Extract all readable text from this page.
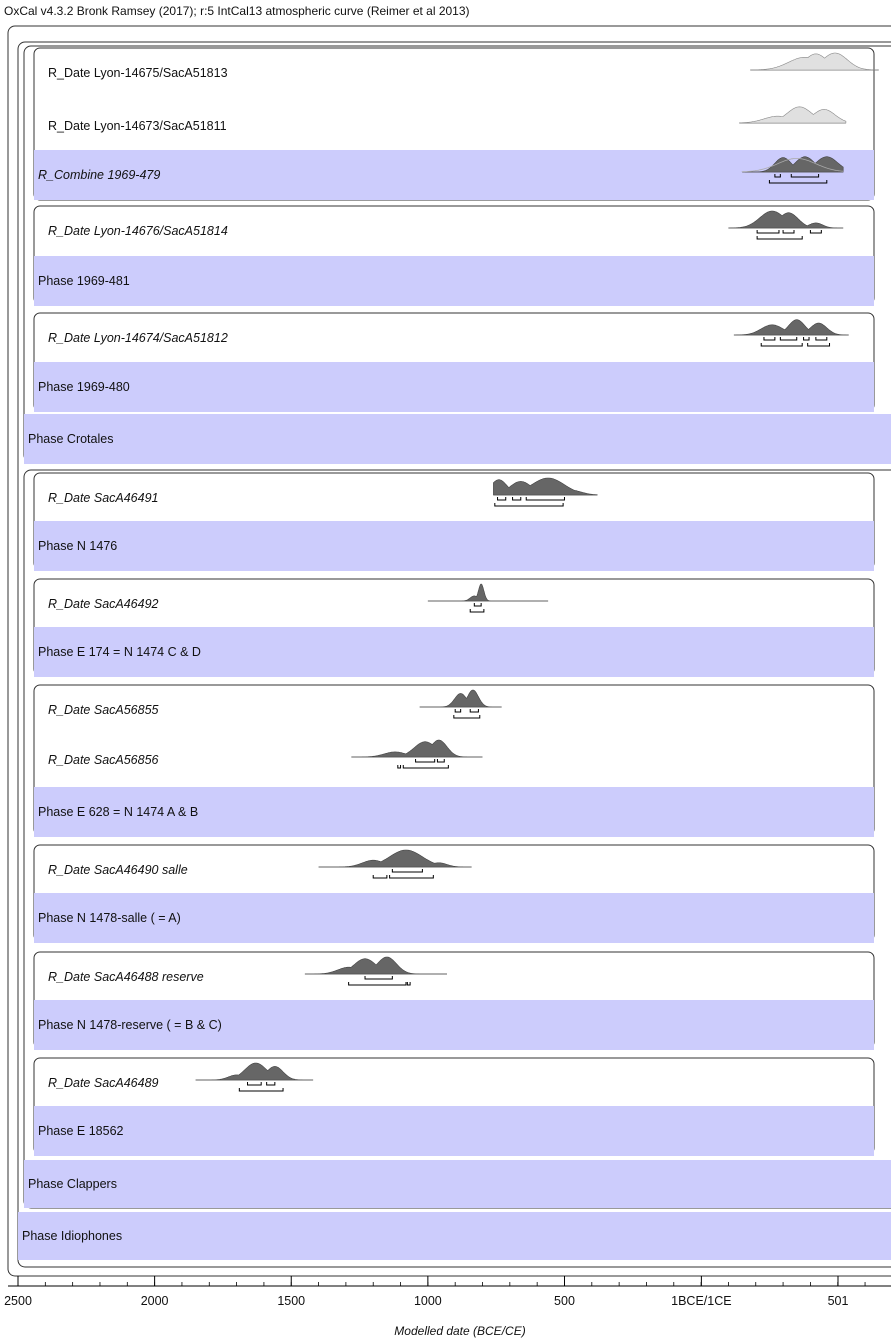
OxCal v4.3.2 Bronk Ramsey (2017); r:5 IntCal13 atmospheric curve (Reimer et al 2013)
R_Date Lyon-14675/SacA51813
R_Date Lyon-14673/SacA51811
R_Combine 1969-479
R_Date Lyon-14676/SacA51814
Phase 1969-481
R_Date Lyon-14674/SacA51812
Phase 1969-480
Phase Crotales
R_Date SacA46491
Phase N 1476
R_Date SacA46492
Phase E 174 = N 1474 C & D
R_Date SacA56855
R_Date SacA56856
Phase E 628 = N 1474 A & B
R_Date SacA46490 salle
Phase N 1478-salle ( = A)
R_Date SacA46488 reserve
Phase N 1478-reserve ( = B & C)
R_Date SacA46489
Phase E 18562
Phase Clappers
Phase Idiophones
2500	2000	1500	1000	500	1BCE/1CE	501
Modelled date (BCE/CE)
